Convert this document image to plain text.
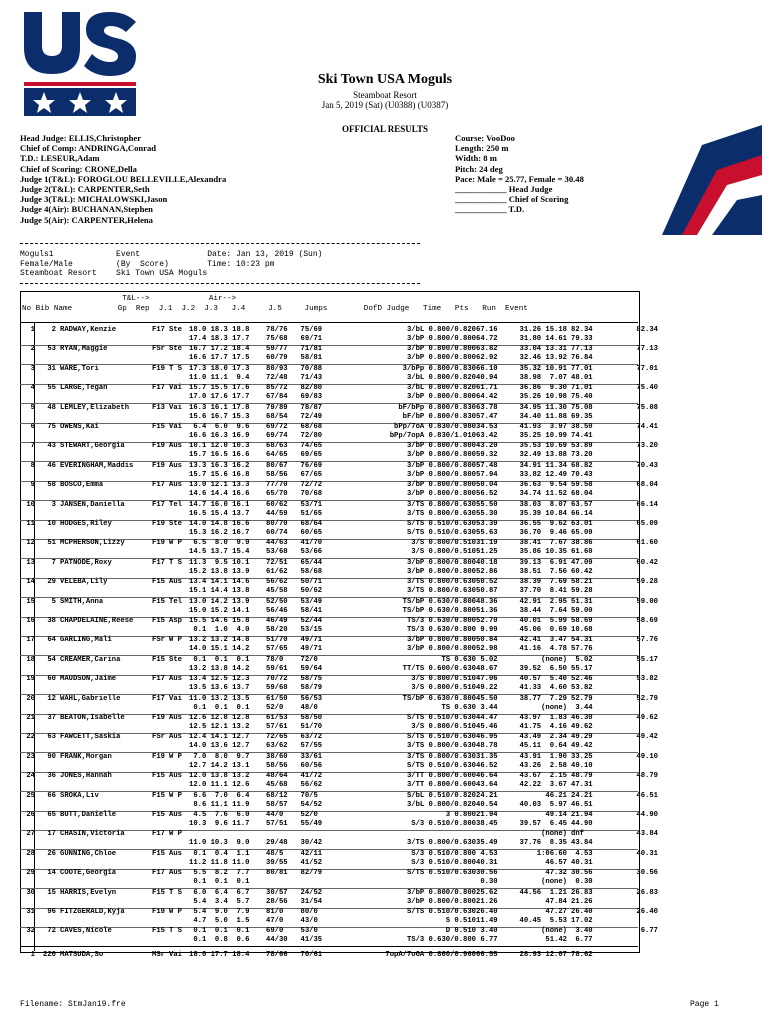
Ski Town USA Moguls
Steamboat Resort
Jan 5, 2019 (Sat) (U0388) (U0387)
OFFICIAL RESULTS
Head Judge: ELLIS,Christopher
Chief of Comp: ANDRINGA,Conrad
T.D.: LESEUR,Adam
Chief of Scoring: CRONE,Della
Judge 1(T&L): FOROGLOU BELLEVILLE,Alexandra
Judge 2(T&L): CARPENTER,Seth
Judge 3(T&L): MICHALOWSKI,Jason
Judge 4(Air): BUCHANAN,Stephen
Judge 5(Air): CARPENTER,Helena
Course: VooDoo
Length: 250 m
Width: 8 m
Pitch: 24 deg
Pace: Male = 25.77, Female = 30.48
____________ Head Judge
____________ Chief of Scoring
____________ T.D.
Moguls1             Event              Date: Jan 13, 2019 (Sun)
Female/Male         (By  Score)        Time: 10:23 pm
Steamboat Resort    Ski Town USA Moguls
T&L-->             Air-->
No Bib Name          Gp  Rep  J.1  J.2  J.3   J.4     J.5     Jumps        DofD Judge   Time   Pts   Run  Event
1	2 RADWAY,Kenzie	F17 Ste 18.0 18.3 18.8 78/76   75/69	3/bL 0.800/0.820 67.16	31.26 15.18 82.34	82.34
17.4 18.3 17.7 75/68   69/71	3/bP 0.800/0.800 64.72	31.80 14.61 79.33
2	53 RYAN,Maggie	FSr Ste 16.7 17.2 18.4 59/77   71/81	3/bP 0.800/0.800 63.82	33.04 13.31 77.13	77.13
16.6 17.7 17.5 60/79   58/81	3/bP 0.800/0.800 62.92	32.46 13.92 76.84
3	31 WARE,Tori	F19 T S 17.3 18.0 17.3 80/93   70/88	3/bPp 0.800/0.830 66.10	35.32 10.91 77.01	77.01
11.0 11.1  9.4 72/48   71/43	3/bL 0.800/0.820 40.94	38.98  7.07 48.01
4	55 LARGE,Tegan	F17 Vai 15.7 15.5 17.6 85/72   82/80	3/bL 0.800/0.820 61.71	36.86  9.30 71.01	75.40
17.0 17.6 17.7 67/84   69/83	3/bP 0.800/0.800 64.42	35.26 10.98 75.40
5	48 LEMLEY,Elizabeth	F13 Vai 16.3 16.1 17.8 79/89   78/87	bF/bPp 0.800/0.830 63.78	34.95 11.30 75.08	75.08
15.6 16.7 15.3 68/54   72/49	bF/bP 0.800/0.830 57.47	34.40 11.88 69.35
6	75 OWENS,Kai	F15 Vai 6.4  6.0  9.6 69/72   68/68	bPp/7oA 0.830/0.980 34.53	41.93  3.97 38.50	74.41
16.6 16.3 16.9 69/74   72/80	bPp/7opA 0.830/1.010 63.42	35.25 10.99 74.41
7	43 STEWART,Georgia	F19 Aus 10.1 12.0 10.3 68/63   74/65	3/bP 0.800/0.800 43.20	35.53 10.69 53.89	73.20
15.7 16.5 16.6 64/65   69/65	3/bP 0.800/0.800 59.32	32.49 13.88 73.20
8	46 EVERINGHAM,Maddis	F19 Aus 13.3 16.3 16.2 80/67   76/69	3/bP 0.800/0.800 57.48	34.91 11.34 68.82	70.43
15.7 15.6 16.8 58/56   67/65	3/bP 0.800/0.800 57.94	33.82 12.49 70.43
9	58 BOSCO,Emma	F17 Aus 13.0 12.1 13.3 77/70   72/72	3/bP 0.800/0.800 50.04	36.63  9.54 59.58	68.04
14.6 14.4 16.6 65/70   70/68	3/bP 0.800/0.800 56.52	34.74 11.52 68.04
10	3 JANSEN,Daniella	F17 Tel 14.7 16.0 16.1 60/62   53/71	3/TS 0.800/0.630 55.50	38.03  8.07 63.57	66.14
16.5 15.4 13.7 44/59   51/65	3/TS 0.800/0.630 55.30	35.39 10.84 66.14
11	10 HODGES,Riley	F19 Ste 14.0 14.8 16.6 80/70   68/64	S/TS 0.510/0.630 53.39	36.55  9.62 63.01	65.09
15.3 16.2 16.7 60/74   60/65	S/TS 0.510/0.630 55.63	36.70  9.46 65.09
12	51 MCPHERSON,Lizzy	F19 W P 6.5  8.0  9.9 44/63   41/70	3/S 0.800/0.510 31.19	38.41  7.67 38.86	61.60
14.5 13.7 15.4 53/68   53/66	3/S 0.800/0.510 51.25	35.86 10.35 61.60
13	7 PATNODE,Roxy	F17 T S 11.3  9.5 10.1 72/51   65/44	3/bP 0.800/0.800 40.18	39.13  6.91 47.09	60.42
15.2 13.8 13.9 61/62   58/68	3/bP 0.800/0.800 52.86	38.51  7.56 60.42
14	29 VELEBA,Lily	F15 Aus 13.4 14.1 14.6 56/62   50/71	3/TS 0.800/0.630 50.52	38.39  7.69 58.21	59.28
15.1 14.4 13.8 45/58   50/62	3/TS 0.800/0.630 50.87	37.70  8.41 59.28
15	5 SMITH,Anna	F15 Tel 13.0 14.2 13.9 52/50   53/49	TS/bP 0.630/0.800 48.36	42.91  2.95 51.31	59.00
15.0 15.2 14.1 56/46   58/41	TS/bP 0.630/0.800 51.36	38.44  7.64 59.00
16	38 CHAPDELAINE,Reese	F15 Asp 15.5 14.6 15.8 46/49   52/44	TS/3 0.630/0.800 52.70	40.01  5.99 58.69	58.69
0.1  1.0  4.0 58/20   53/15	TS/3 0.630/0.800 9.99	45.06  0.69 10.68
17	64 GARLING,Mali	FSr W P 13.2 13.2 14.8 51/70   49/71	3/bP 0.800/0.800 50.84	42.41  3.47 54.31	57.76
14.0 15.1 14.2 57/65   49/71	3/bP 0.800/0.800 52.98	41.16  4.78 57.76
18	54 CREAMER,Carina	F15 Ste 0.1  0.1  0.1 78/0    72/0	TS 0.630 5.02	(none) 5.02	55.17
13.2 13.8 14.2 59/61   59/64	TT/TS 0.600/0.630 48.67	39.52  6.50 55.17
19	60 MAUDSON,Jaime	F17 Aus 13.4 12.5 12.3 70/72   58/75	3/S 0.800/0.510 47.06	40.57  5.40 52.46	53.82
13.5 13.6 13.7 59/68   58/79	3/S 0.800/0.510 49.22	41.33  4.60 53.82
20	12 WAHL,Gabrielle	F17 Vai 11.0 13.2 13.5 61/50   56/53	TS/bP 0.630/0.800 45.50	38.77  7.29 52.79	52.79
0.1  0.1  0.1 52/0    48/0	TS 0.630 3.44	(none) 3.44
21	37 BEATON,Isabelle	F19 Aus 12.6 12.8 12.8 61/53   58/50	S/TS 0.510/0.630 44.47	43.97  1.83 46.30	49.62
12.5 12.1 13.2 57/61   51/70	3/S 0.800/0.510 45.46	41.75  4.16 49.62
22	63 FAWCETT,Saskia	FSr Aus 12.4 14.1 12.7 72/65   63/72	S/TS 0.510/0.630 46.95	43.49  2.34 49.29	49.42
14.0 13.6 12.7 63/62   57/55	3/TS 0.800/0.630 48.78	45.11  0.64 49.42
23	90 FRANK,Morgan	F19 W P 7.0  8.0  9.7 38/60   33/61	3/TS 0.800/0.630 31.35	43.91  1.90 33.25	49.10
12.7 14.2 13.1 58/56   60/56	S/TS 0.510/0.630 46.52	43.26  2.58 49.10
24	36 JONES,Hannah	F15 Aus 12.0 13.8 13.2 48/64   41/72	3/TT 0.800/0.600 46.64	43.67  2.15 48.79	48.79
12.0 11.1 12.6 45/68   56/62	3/TT 0.800/0.600 43.64	42.22  3.67 47.31
25	66 SROKA,Liv	F15 W P 6.6  7.0  6.4 68/12   70/5	S/bL 0.510/0.820 24.21	46.21 24.21	46.51
8.6 11.1 11.9 58/57   54/52	3/bL 0.800/0.820 40.54	40.03  5.97 46.51
26	65 BUTT,Danielle	F15 Aus 4.5  7.6  6.0 44/0    52/0	3 0.800 21.94	49.14 21.94	44.90
10.3  9.6 11.7 57/51   55/49	S/3 0.510/0.800 38.45	39.57  6.45 44.90
27	17 CHASIN,Victoria	F17 W P	(none) dnf	43.84
11.0 10.3  9.0 29/48   30/42	3/TS 0.800/0.630 35.49	37.76  8.35 43.84
28	26 GUNNING,Chloe	F15 Aus 0.1  0.4  1.1 48/5    42/11	S/3 0.510/0.800 4.53	1:06.60 4.53	40.31
11.2 11.8 11.0 39/55   41/52	S/3 0.510/0.800 40.31	46.57 40.31
29	14 COOTE,Georgia	F17 Aus 5.5  8.2  7.7 80/81   82/79	S/TS 0.510/0.630 30.56	47.32 30.56	30.56
0.1  0.1  0.1	0.30	(none) 0.30
30	15 HARRIS,Evelyn	F15 T S 6.0  6.4  6.7 30/57   24/52	3/bP 0.800/0.800 25.62	44.56  1.21 26.83	26.83
5.4  3.4  5.7 28/56   31/54	3/bP 0.800/0.800 21.26	47.84 21.26
31	96 FITZGERALD,Kyja	F19 W P 5.4  9.0  7.9 81/0    80/0	S/TS 0.510/0.630 26.40	47.27 26.40	26.40
4.7  5.0  1.5 47/0    43/0	S 0.510 11.49	40.45  5.53 17.02
32	72 CAVES,Nicole	F15 T S 0.1  0.1  0.1 69/0    53/0	D 0.510 3.40	(none) 3.40	6.77
0.1  0.8  0.6 44/30   41/35	TS/3 0.630/0.800 6.77	51.42 6.77
1	220 MATSUDA,So	MSr Vai 18.0 17.7 18.4 78/66   70/61	7opA/7oGA 0.860/0.960 66.55	28.93 12.07 78.62
Filename: StmJan19.fre	Page 1
